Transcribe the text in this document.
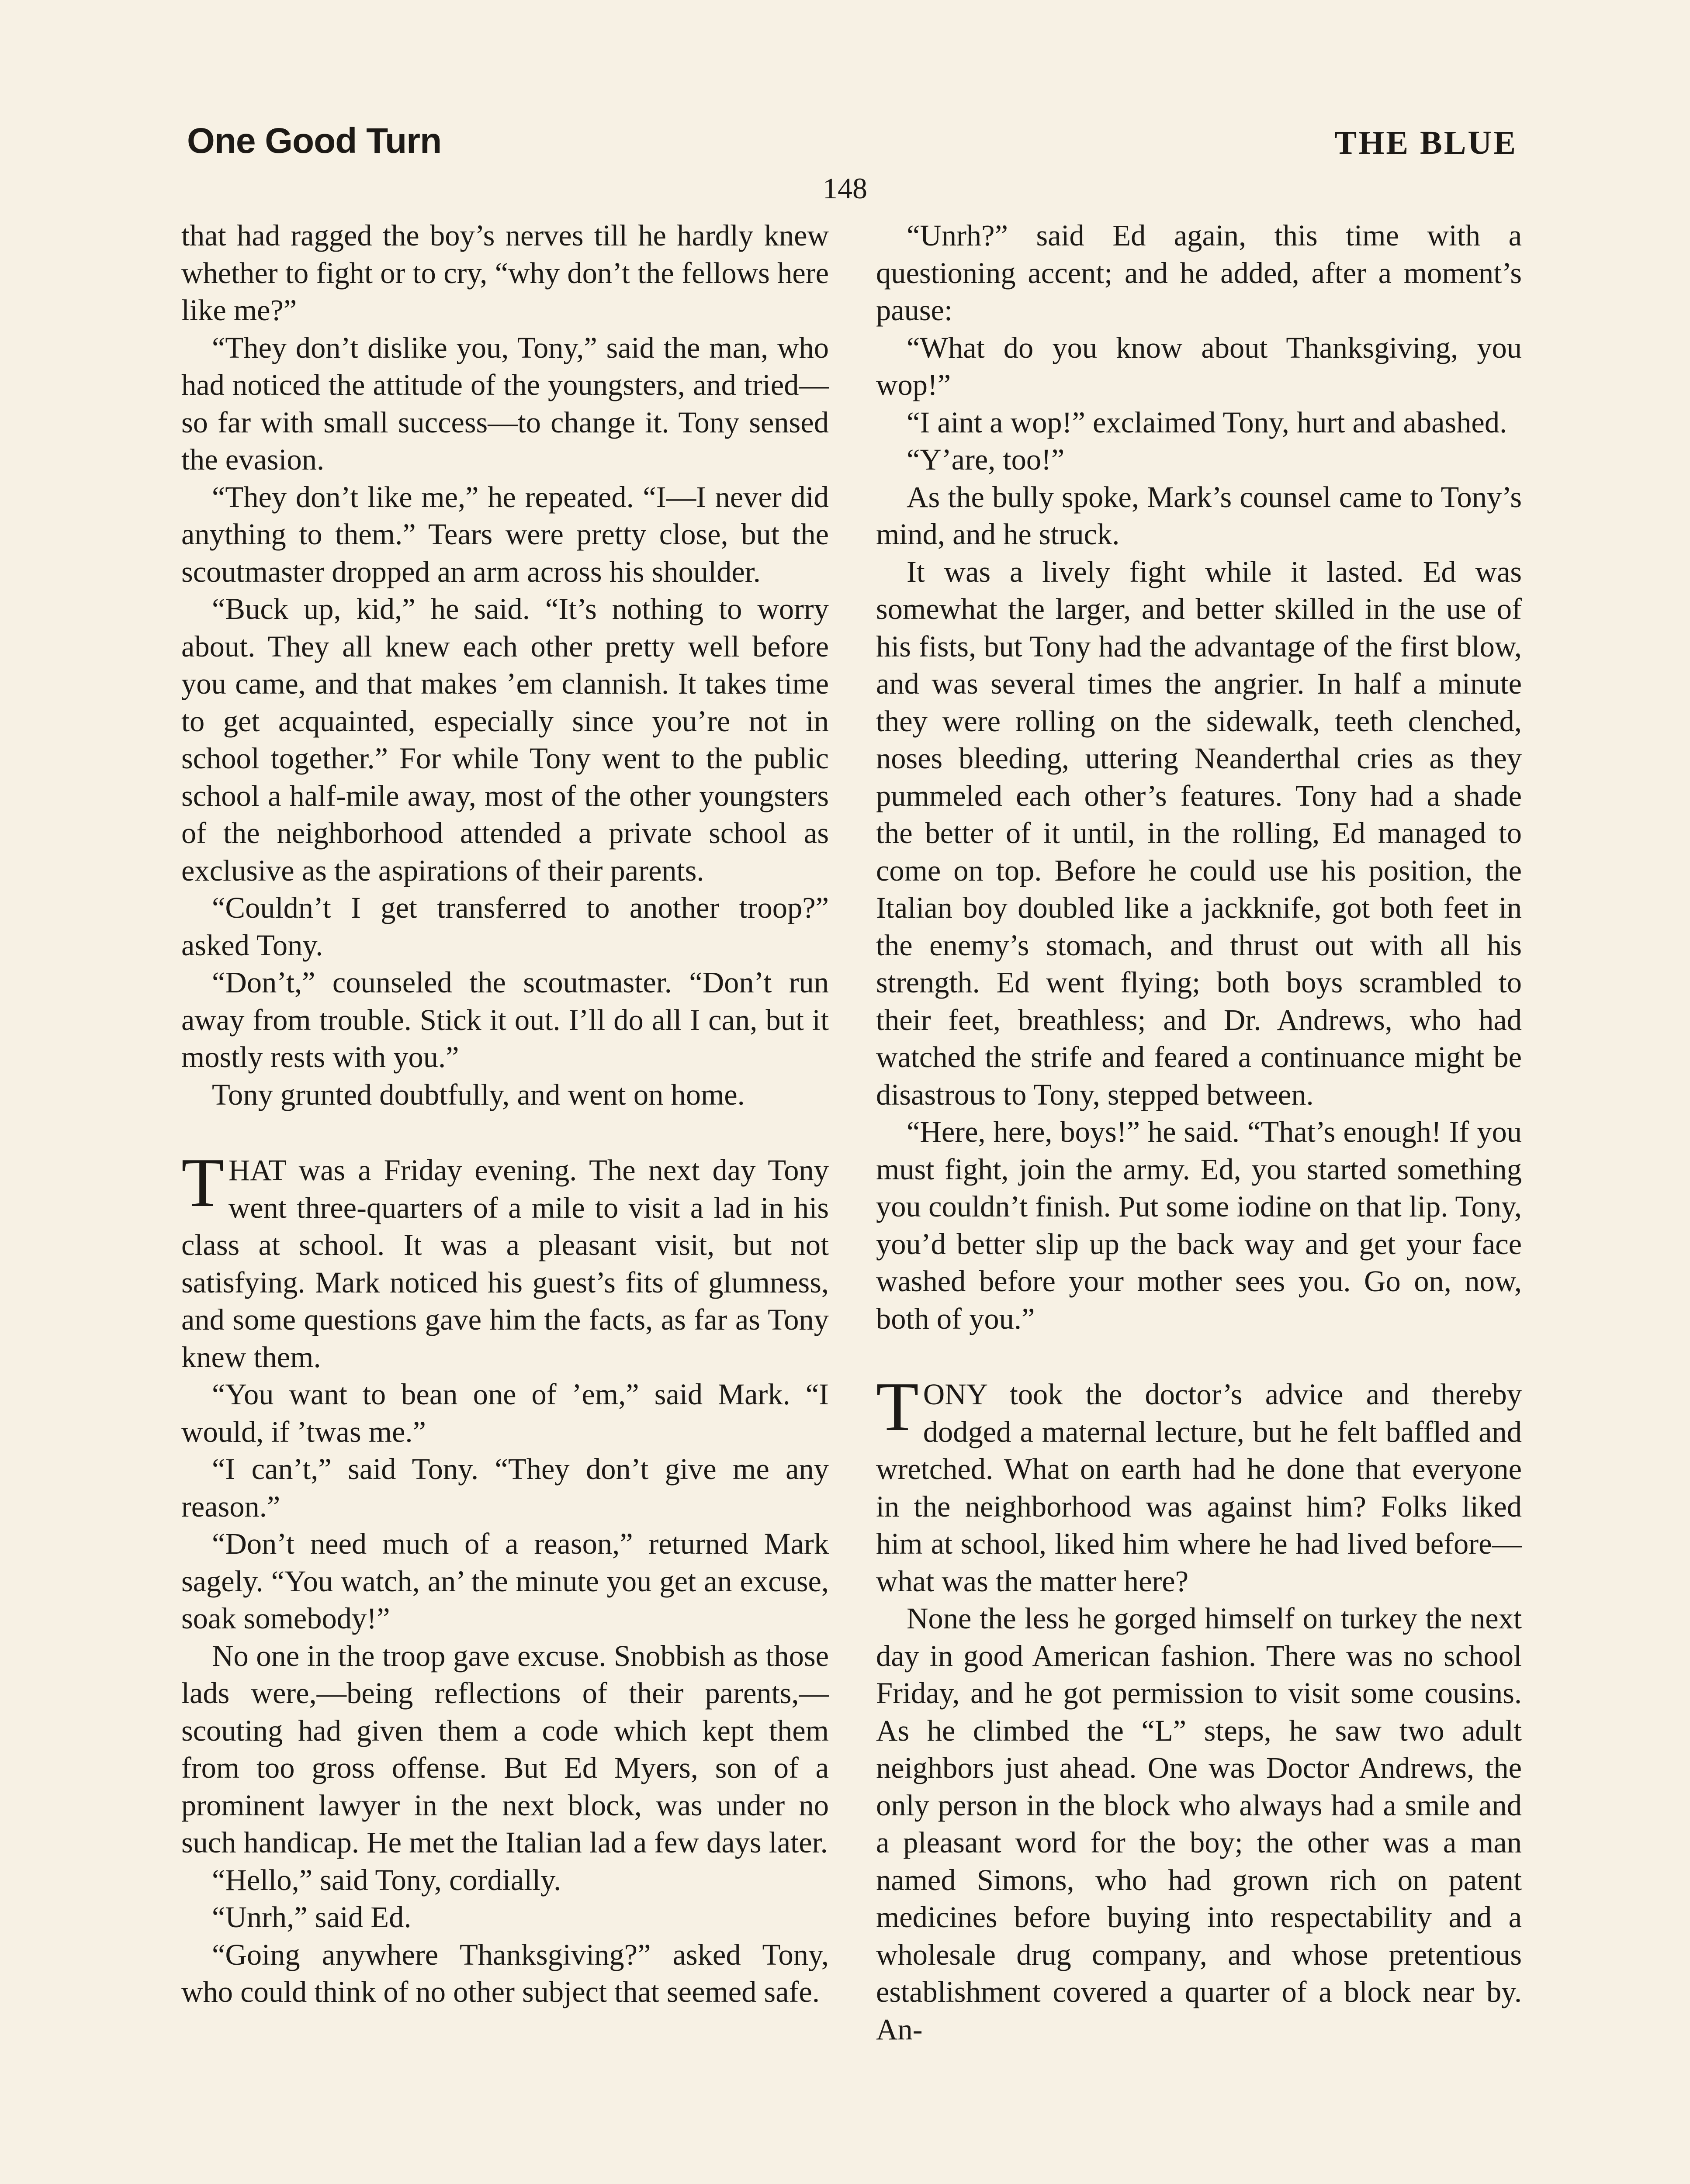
One Good Turn	THE BLUE
148

that had ragged the boy’s nerves till he hardly knew whether to fight or to cry, “why don’t the fellows here like me?”

“They don’t dislike you, Tony,” said the man, who had noticed the attitude of the youngsters, and tried—so far with small success—to change it. Tony sensed the evasion.

“They don’t like me,” he repeated. “I—I never did anything to them.” Tears were pretty close, but the scoutmaster dropped an arm across his shoulder.

“Buck up, kid,” he said. “It’s nothing to worry about. They all knew each other pretty well before you came, and that makes ’em clannish. It takes time to get acquainted, especially since you’re not in school together.” For while Tony went to the public school a half-mile away, most of the other youngsters of the neighborhood attended a private school as exclusive as the aspirations of their parents.

“Couldn’t I get transferred to another troop?” asked Tony.

“Don’t,” counseled the scoutmaster. “Don’t run away from trouble. Stick it out. I’ll do all I can, but it mostly rests with you.”

Tony grunted doubtfully, and went on home.

THAT was a Friday evening. The next day Tony went three-quarters of a mile to visit a lad in his class at school. It was a pleasant visit, but not satisfying. Mark noticed his guest’s fits of glumness, and some questions gave him the facts, as far as Tony knew them.

“You want to bean one of ’em,” said Mark. “I would, if ’twas me.”

“I can’t,” said Tony. “They don’t give me any reason.”

“Don’t need much of a reason,” returned Mark sagely. “You watch, an’ the minute you get an excuse, soak somebody!”

No one in the troop gave excuse. Snobbish as those lads were,—being reflections of their parents,—scouting had given them a code which kept them from too gross offense. But Ed Myers, son of a prominent lawyer in the next block, was under no such handicap. He met the Italian lad a few days later.

“Hello,” said Tony, cordially.

“Unrh,” said Ed.

“Going anywhere Thanksgiving?” asked Tony, who could think of no other subject that seemed safe.

“Unrh?” said Ed again, this time with a questioning accent; and he added, after a moment’s pause:

“What do you know about Thanksgiving, you wop!”

“I aint a wop!” exclaimed Tony, hurt and abashed.

“Y’are, too!”

As the bully spoke, Mark’s counsel came to Tony’s mind, and he struck.

It was a lively fight while it lasted. Ed was somewhat the larger, and better skilled in the use of his fists, but Tony had the advantage of the first blow, and was several times the angrier. In half a minute they were rolling on the sidewalk, teeth clenched, noses bleeding, uttering Neanderthal cries as they pummeled each other’s features. Tony had a shade the better of it until, in the rolling, Ed managed to come on top. Before he could use his position, the Italian boy doubled like a jackknife, got both feet in the enemy’s stomach, and thrust out with all his strength. Ed went flying; both boys scrambled to their feet, breathless; and Dr. Andrews, who had watched the strife and feared a continuance might be disastrous to Tony, stepped between.

“Here, here, boys!” he said. “That’s enough! If you must fight, join the army. Ed, you started something you couldn’t finish. Put some iodine on that lip. Tony, you’d better slip up the back way and get your face washed before your mother sees you. Go on, now, both of you.”

TONY took the doctor’s advice and thereby dodged a maternal lecture, but he felt baffled and wretched. What on earth had he done that everyone in the neighborhood was against him? Folks liked him at school, liked him where he had lived before—what was the matter here?

None the less he gorged himself on turkey the next day in good American fashion. There was no school Friday, and he got permission to visit some cousins. As he climbed the “L” steps, he saw two adult neighbors just ahead. One was Doctor Andrews, the only person in the block who always had a smile and a pleasant word for the boy; the other was a man named Simons, who had grown rich on patent medicines before buying into respectability and a wholesale drug company, and whose pretentious establishment covered a quarter of a block near by. An-
